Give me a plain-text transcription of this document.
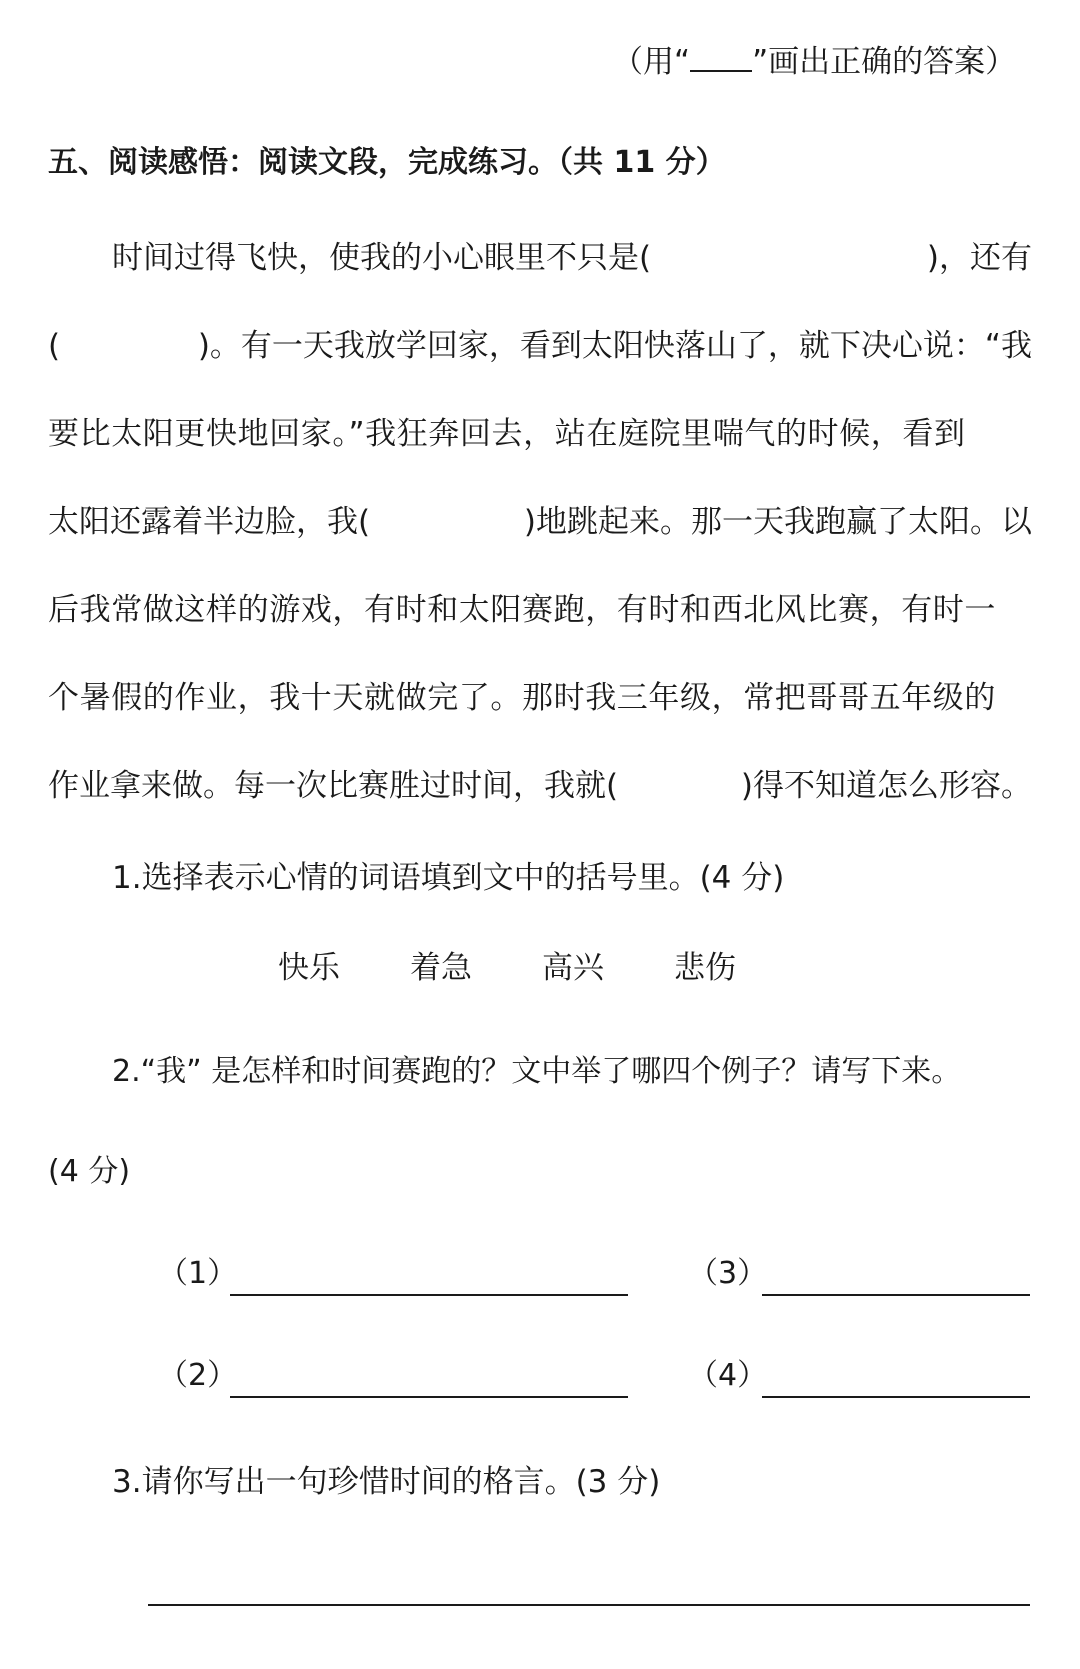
（用“ ”画出正确的答案）
五、阅读感悟：阅读文段，完成练习。（共 11 分）
时间过得飞快，使我的小心眼里不只是(	)，还有
(	)。有一天我放学回家，看到太阳快落山了，就下决心说：“我
要比太阳更快地回家。”我狂奔回去，站在庭院里喘气的时候，看到
太阳还露着半边脸，我(	)地跳起来。那一天我跑赢了太阳。以
后我常做这样的游戏，有时和太阳赛跑，有时和西北风比赛，有时一
个暑假的作业，我十天就做完了。那时我三年级，常把哥哥五年级的
作业拿来做。每一次比赛胜过时间，我就(	)得不知道怎么形容。
1.选择表示心情的词语填到文中的括号里。(4 分)
快乐 着急 高兴 悲伤
2.“我” 是怎样和时间赛跑的？文中举了哪四个例子？请写下来。
(4 分)
（1）	（3）
（2）	（4）
3.请你写出一句珍惜时间的格言。(3 分)
